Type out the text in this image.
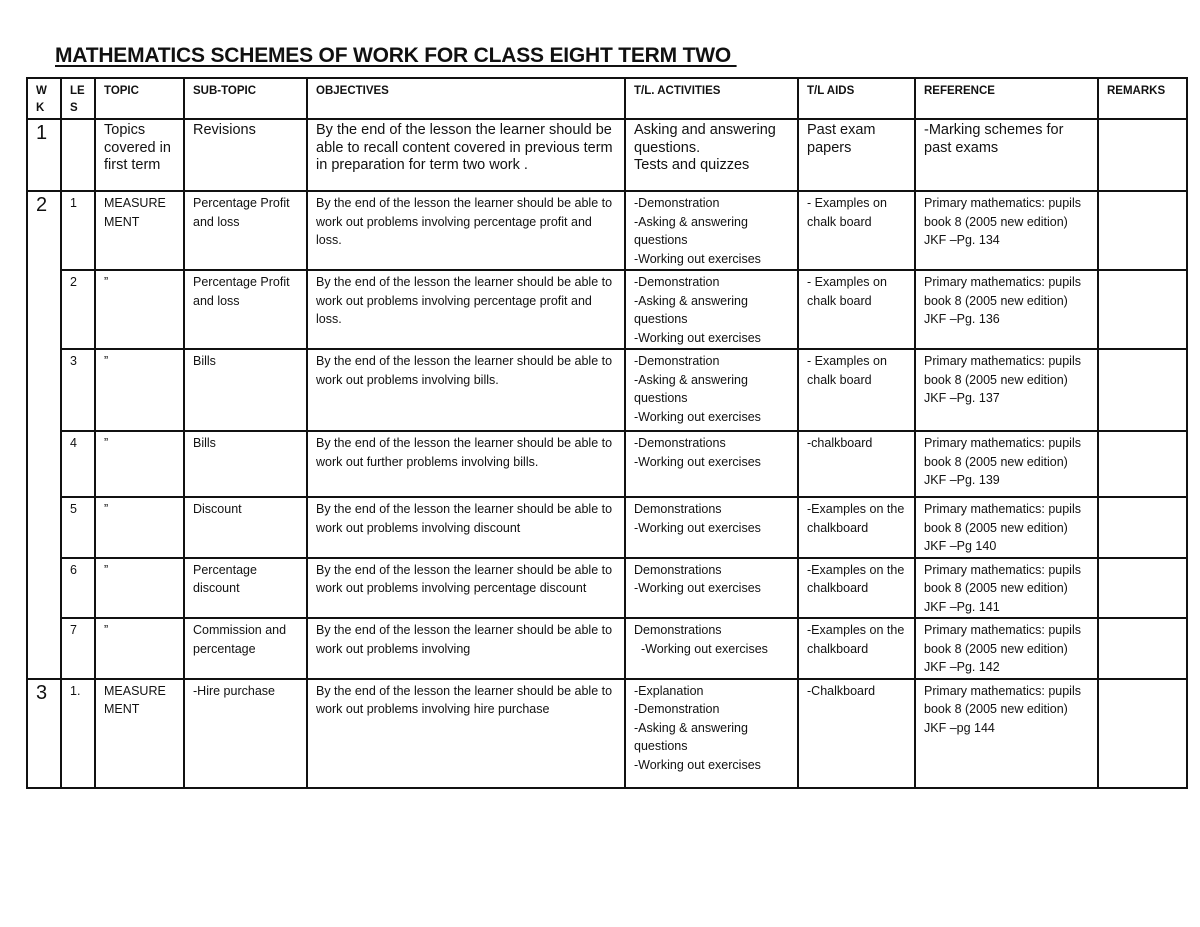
MATHEMATICS SCHEMES OF WORK FOR CLASS EIGHT TERM TWO
W K	LE S	TOPIC	SUB-TOPIC	OBJECTIVES	T/L. ACTIVITIES	T/L AIDS	REFERENCE	REMARKS
1		Topics covered in first term	Revisions	By the end of the lesson the learner should be able to recall content covered in previous term in preparation for term two work .	Asking and answering questions.
Tests and quizzes	Past exam papers	-Marking schemes for past exams	
2	1	MEASURE MENT	Percentage Profit and loss	By the end of the lesson the learner should be able to work out problems involving percentage profit and loss.	-Demonstration
-Asking & answering questions
-Working out exercises	- Examples on chalk board	Primary mathematics: pupils book 8 (2005 new edition) JKF –Pg. 134	
	2	”	Percentage Profit and loss	By the end of the lesson the learner should be able to work out problems involving percentage profit and loss.	-Demonstration
-Asking & answering questions
-Working out exercises	- Examples on chalk board	Primary mathematics: pupils book 8 (2005 new edition) JKF –Pg. 136	
	3	”	Bills	By the end of the lesson the learner should be able to work out problems involving bills.	-Demonstration
-Asking & answering questions
-Working out exercises	- Examples on chalk board	Primary mathematics: pupils book 8 (2005 new edition) JKF –Pg. 137	
	4	”	Bills	By the end of the lesson the learner should be able to work out further problems involving bills.	-Demonstrations
-Working out exercises	-chalkboard	Primary mathematics: pupils book 8 (2005 new edition) JKF –Pg. 139	
	5	”	Discount	By the end of the lesson the learner should be able to work out problems involving discount	Demonstrations
-Working out exercises	-Examples on the chalkboard	Primary mathematics: pupils book 8 (2005 new edition) JKF –Pg 140	
	6	”	Percentage discount	By the end of the lesson the learner should be able to work out problems involving percentage discount	Demonstrations
-Working out exercises	-Examples on the chalkboard	Primary mathematics: pupils book 8 (2005 new edition) JKF –Pg. 141	
	7	”	Commission and percentage	By the end of the lesson the learner should be able to work out problems involving	Demonstrations
-Working out exercises	-Examples on the chalkboard	Primary mathematics: pupils book 8 (2005 new edition) JKF –Pg. 142	
3	1.	MEASURE MENT	-Hire purchase	By the end of the lesson the learner should be able to work out problems involving hire purchase	-Explanation
-Demonstration
-Asking & answering questions
-Working out exercises	-Chalkboard	Primary mathematics: pupils book 8 (2005 new edition) JKF –pg 144	
